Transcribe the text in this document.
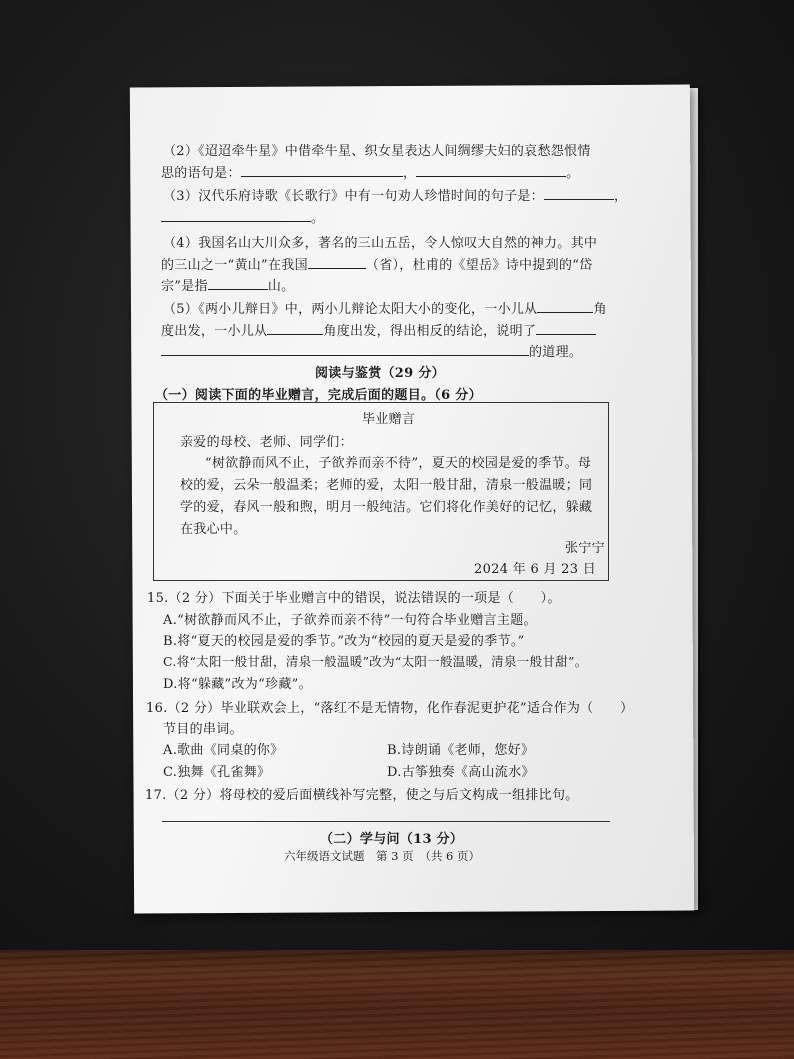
（2）《迢迢牵牛星》中借牵牛星、织女星表达人间绸缪夫妇的哀愁怨恨情
思的语句是：	，	。
（3）汉代乐府诗歌《长歌行》中有一句劝人珍惜时间的句子是：	，
。
（4）我国名山大川众多，著名的三山五岳，令人惊叹大自然的神力。其中
的三山之一“黄山”在我国	（省），杜甫的《望岳》诗中提到的“岱
宗”是指	山。
（5）《两小儿辩日》中，两小儿辩论太阳大小的变化，一小儿从	角
度出发，一小儿从	角度出发，得出相反的结论，说明了
的道理。
阅读与鉴赏（29 分）
（一）阅读下面的毕业赠言，完成后面的题目。（6 分）
毕业赠言
亲爱的母校、老师、同学们：
“树欲静而风不止，子欲养而亲不待”，夏天的校园是爱的季节。母
校的爱，云朵一般温柔；老师的爱，太阳一般甘甜，清泉一般温暖；同
学的爱，春风一般和煦，明月一般纯洁。它们将化作美好的记忆，躲藏
在我心中。
张宁宁
2024 年 6 月 23 日
15.（2 分）下面关于毕业赠言中的错误，说法错误的一项是（　　）。
A.“树欲静而风不止，子欲养而亲不待”一句符合毕业赠言主题。
B.将“夏天的校园是爱的季节。”改为“校园的夏天是爱的季节。”
C.将“太阳一般甘甜，清泉一般温暖”改为“太阳一般温暖，清泉一般甘甜”。
D.将“躲藏”改为“珍藏”。
16.（2 分）毕业联欢会上，“落红不是无情物，化作春泥更护花”适合作为（　　）
节目的串词。
A.歌曲《同桌的你》	B.诗朗诵《老师，您好》
C.独舞《孔雀舞》	D.古筝独奏《高山流水》
17.（2 分）将母校的爱后面横线补写完整，使之与后文构成一组排比句。
（二）学与问（13 分）
六年级语文试题　第 3 页　（共 6 页）
